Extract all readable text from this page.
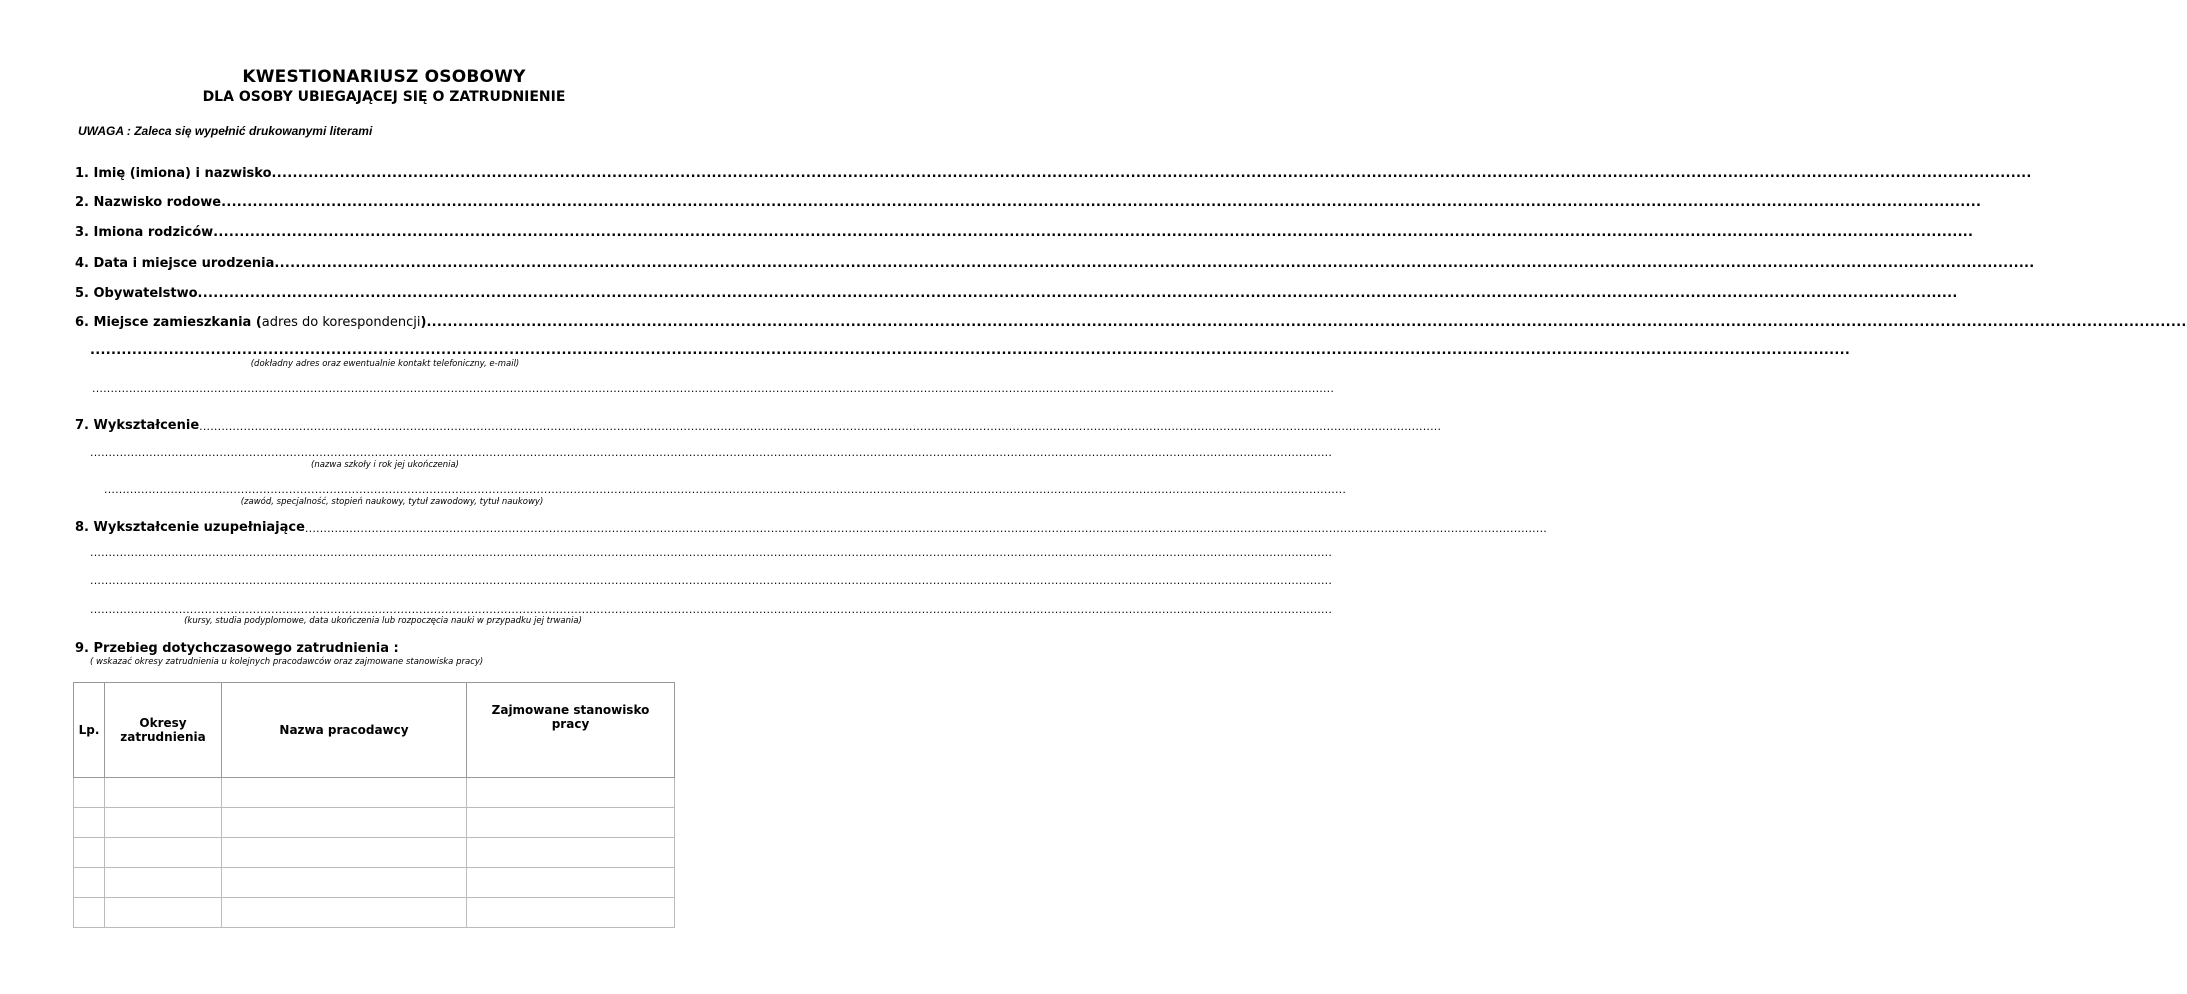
KWESTIONARIUSZ OSOBOWY
DLA OSOBY UBIEGAJĄCEJ SIĘ O ZATRUDNIENIE
UWAGA : Zaleca się wypełnić drukowanymi literami
1. Imię (imiona) i nazwisko ................................................................................................................................................................................................................................................................................................................................................
2. Nazwisko rodowe ................................................................................................................................................................................................................................................................................................................................................
3. Imiona rodziców ................................................................................................................................................................................................................................................................................................................................................
4. Data i miejsce urodzenia ................................................................................................................................................................................................................................................................................................................................................
5. Obywatelstwo ................................................................................................................................................................................................................................................................................................................................................
6. Miejsce zamieszkania (adres do korespondencji) ................................................................................................................................................................................................................................................................................................................................................
................................................................................................................................................................................................................................................................................................................................................
(dokładny adres oraz ewentualnie kontakt telefoniczny, e-mail)
................................................................................................................................................................................................................................................................................................................................................
7. Wykształcenie ................................................................................................................................................................................................................................................................................................................................................
................................................................................................................................................................................................................................................................................................................................................
(nazwa szkoły i rok jej ukończenia)
................................................................................................................................................................................................................................................................................................................................................
(zawód, specjalność, stopień naukowy, tytuł zawodowy, tytuł naukowy)
8. Wykształcenie uzupełniające ................................................................................................................................................................................................................................................................................................................................................
................................................................................................................................................................................................................................................................................................................................................
................................................................................................................................................................................................................................................................................................................................................
................................................................................................................................................................................................................................................................................................................................................
(kursy, studia podyplomowe, data ukończenia lub rozpoczęcia nauki w przypadku jej trwania)
9. Przebieg dotychczasowego zatrudnienia :
( wskazać okresy zatrudnienia u kolejnych pracodawców oraz zajmowane stanowiska pracy)
Lp.	Okresy zatrudnienia	Nazwa pracodawcy	Zajmowane stanowisko pracy
